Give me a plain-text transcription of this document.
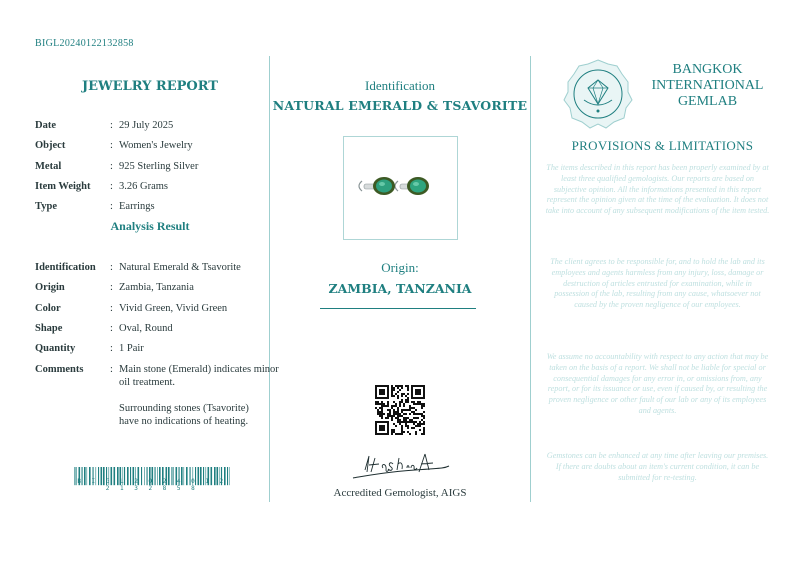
BIGL20240122132858
JEWELRY REPORT
Date	: 29 July 2025
Object	: Women's Jewelry
Metal	: 925 Sterling Silver
Item Weight	: 3.26 Grams
Type	: Earrings
Analysis Result
Identification	: Natural Emerald & Tsavorite
Origin	: Zambia, Tanzania
Color	: Vivid Green, Vivid Green
Shape	: Oval, Round
Quantity	: 1 Pair
Comments	: Main stone (Emerald) indicates minor oil treatment.
Surrounding stones (Tsavorite) have no indications of heating.
B I G L 2 0 2 4 0 1 2 2 1 3 2 8 5 8
Identification
NATURAL EMERALD & TSAVORITE
Origin:
ZAMBIA, TANZANIA
Accredited Gemologist, AIGS
BANGKOK
INTERNATIONAL
GEMLAB
PROVISIONS & LIMITATIONS
The items described in this report has been properly examined by at least three qualified gemologists. Our reports are based on subjective opinion. All the informations presented in this report represent the opinion given at the time of the evaluation. It does not take into account of any subsequent modifications of the item tested.
The client agrees to be responsible for, and to hold the lab and its employees and agents harmless from any injury, loss, damage or destruction of articles entrusted for examination, while in possession of the lab, resulting from any cause, whatsoever not caused by the proven negligence of our employees.
We assume no accountability with respect to any action that may be taken on the basis of a report. We shall not be liable for special or consequential damages for any error in, or omissions from, any report, or for its issuance or use, even if caused by, or resulting the proven negligence or other fault of our lab or any of its employees and agents.
Gemstones can be enhanced at any time after leaving our premises. If there are doubts about an item's current condition, it can be submitted for re-testing.
